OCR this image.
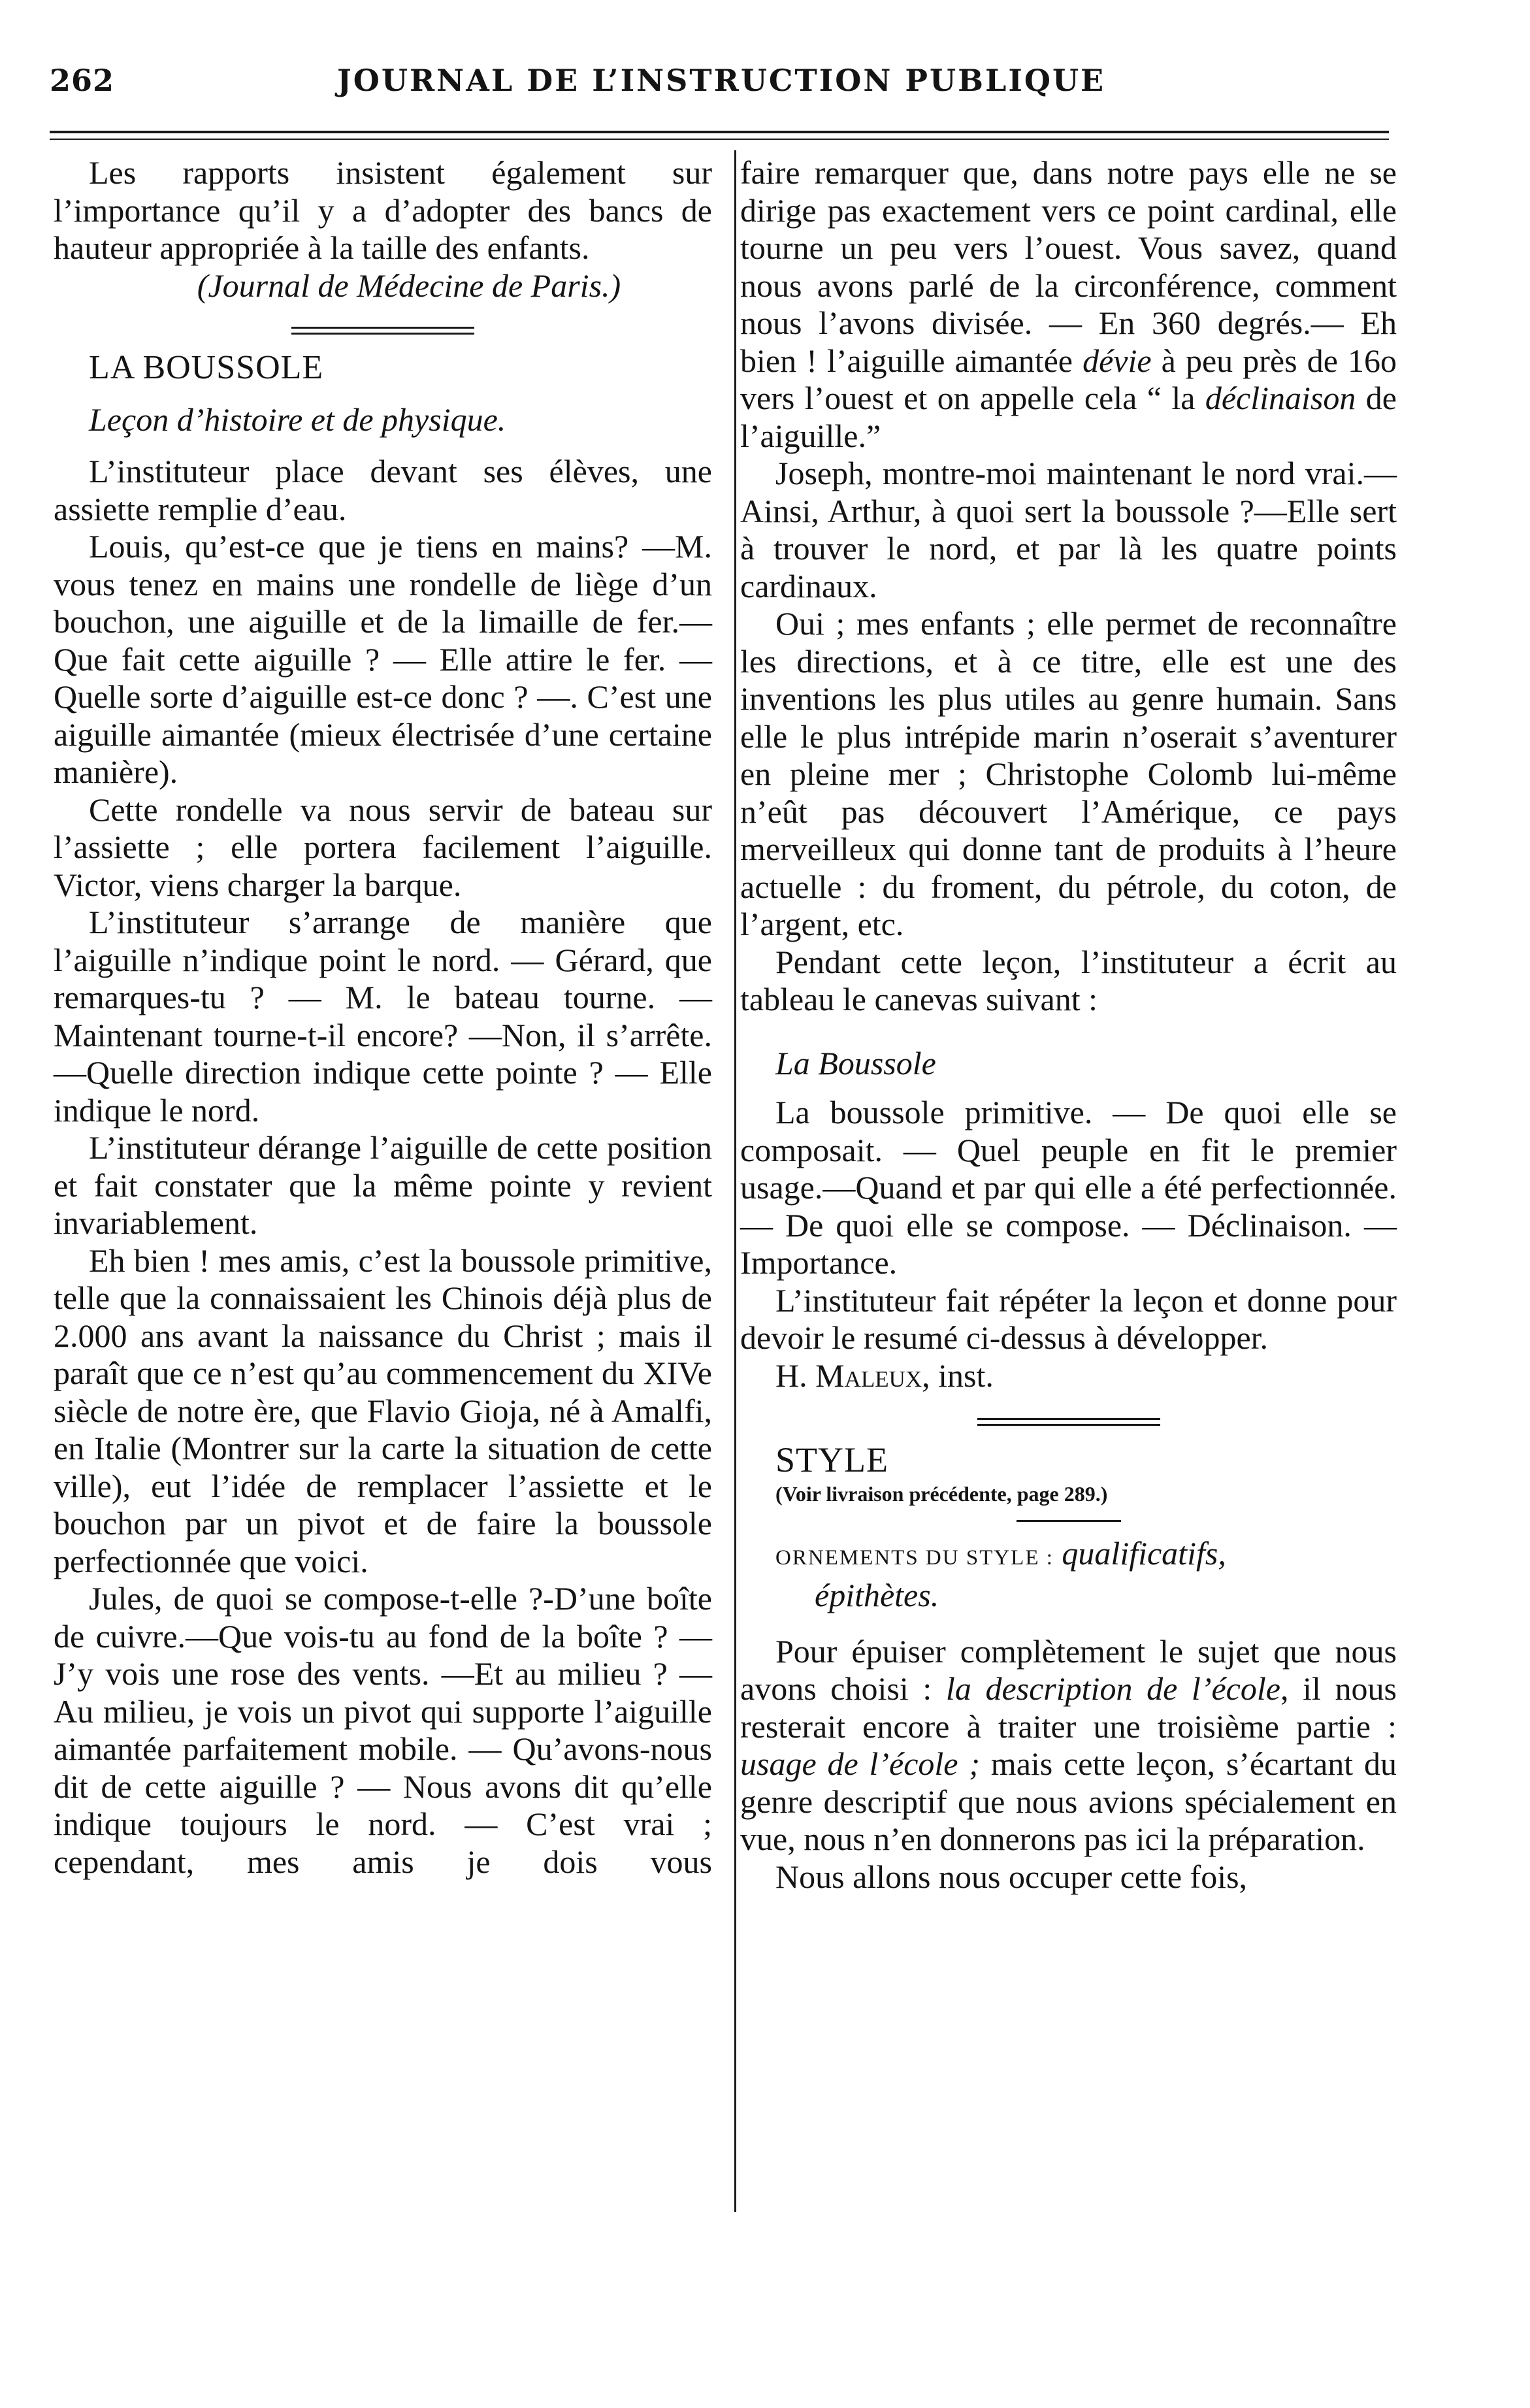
262	JOURNAL DE L’INSTRUCTION PUBLIQUE

Les rapports insistent également sur l’importance qu’il y a d’adopter des bancs de hauteur appropriée à la taille des enfants.

(Journal de Médecine de Paris.)

LA BOUSSOLE

Leçon d’histoire et de physique.

L’instituteur place devant ses élèves, une assiette remplie d’eau.

Louis, qu’est-ce que je tiens en mains? —M. vous tenez en mains une rondelle de liège d’un bouchon, une aiguille et de la limaille de fer.— Que fait cette aiguille ? — Elle attire le fer. — Quelle sorte d’aiguille est-ce donc ? —. C’est une aiguille aimantée (mieux électrisée d’une certaine manière).

Cette rondelle va nous servir de bateau sur l’assiette ; elle portera facilement l’aiguille. Victor, viens charger la barque.

L’instituteur s’arrange de manière que l’aiguille n’indique point le nord. — Gérard, que remarques-tu ? — M. le bateau tourne. — Maintenant tourne-t-il encore? —Non, il s’arrête.—Quelle direction indique cette pointe ? — Elle indique le nord.

L’instituteur dérange l’aiguille de cette position et fait constater que la même pointe y revient invariablement.

Eh bien ! mes amis, c’est la boussole primitive, telle que la connaissaient les Chinois déjà plus de 2.000 ans avant la naissance du Christ ; mais il paraît que ce n’est qu’au commencement du XIVe siècle de notre ère, que Flavio Gioja, né à Amalfi, en Italie (Montrer sur la carte la situation de cette ville), eut l’idée de remplacer l’assiette et le bouchon par un pivot et de faire la boussole perfectionnée que voici.

Jules, de quoi se compose-t-elle ?-D’une boîte de cuivre.—Que vois-tu au fond de la boîte ? — J’y vois une rose des vents. —Et au milieu ? — Au milieu, je vois un pivot qui supporte l’aiguille aimantée parfaitement mobile. — Qu’avons-nous dit de cette aiguille ? — Nous avons dit qu’elle indique toujours le nord. — C’est vrai ; cependant, mes amis je dois vous

faire remarquer que, dans notre pays elle ne se dirige pas exactement vers ce point cardinal, elle tourne un peu vers l’ouest. Vous savez, quand nous avons parlé de la circonférence, comment nous l’avons divisée. — En 360 degrés.— Eh bien ! l’aiguille aimantée dévie à peu près de 16o vers l’ouest et on appelle cela “ la déclinaison de l’aiguille.”

Joseph, montre-moi maintenant le nord vrai.—Ainsi, Arthur, à quoi sert la boussole ?—Elle sert à trouver le nord, et par là les quatre points cardinaux.

Oui ; mes enfants ; elle permet de reconnaître les directions, et à ce titre, elle est une des inventions les plus utiles au genre humain. Sans elle le plus intrépide marin n’oserait s’aventurer en pleine mer ; Christophe Colomb lui-même n’eût pas découvert l’Amérique, ce pays merveilleux qui donne tant de produits à l’heure actuelle : du froment, du pétrole, du coton, de l’argent, etc.

Pendant cette leçon, l’instituteur a écrit au tableau le canevas suivant :

La Boussole

La boussole primitive. — De quoi elle se composait. — Quel peuple en fit le premier usage.—Quand et par qui elle a été perfectionnée. — De quoi elle se compose. — Déclinaison. — Importance.

L’instituteur fait répéter la leçon et donne pour devoir le resumé ci-dessus à développer.

H. Maleux, inst.

STYLE

(Voir livraison précédente, page 289.)

ORNEMENTS DU STYLE : qualificatifs,

épithètes.

Pour épuiser complètement le sujet que nous avons choisi : la description de l’école, il nous resterait encore à traiter une troisième partie : usage de l’école ; mais cette leçon, s’écartant du genre descriptif que nous avions spécialement en vue, nous n’en donnerons pas ici la préparation.

Nous allons nous occuper cette fois,
